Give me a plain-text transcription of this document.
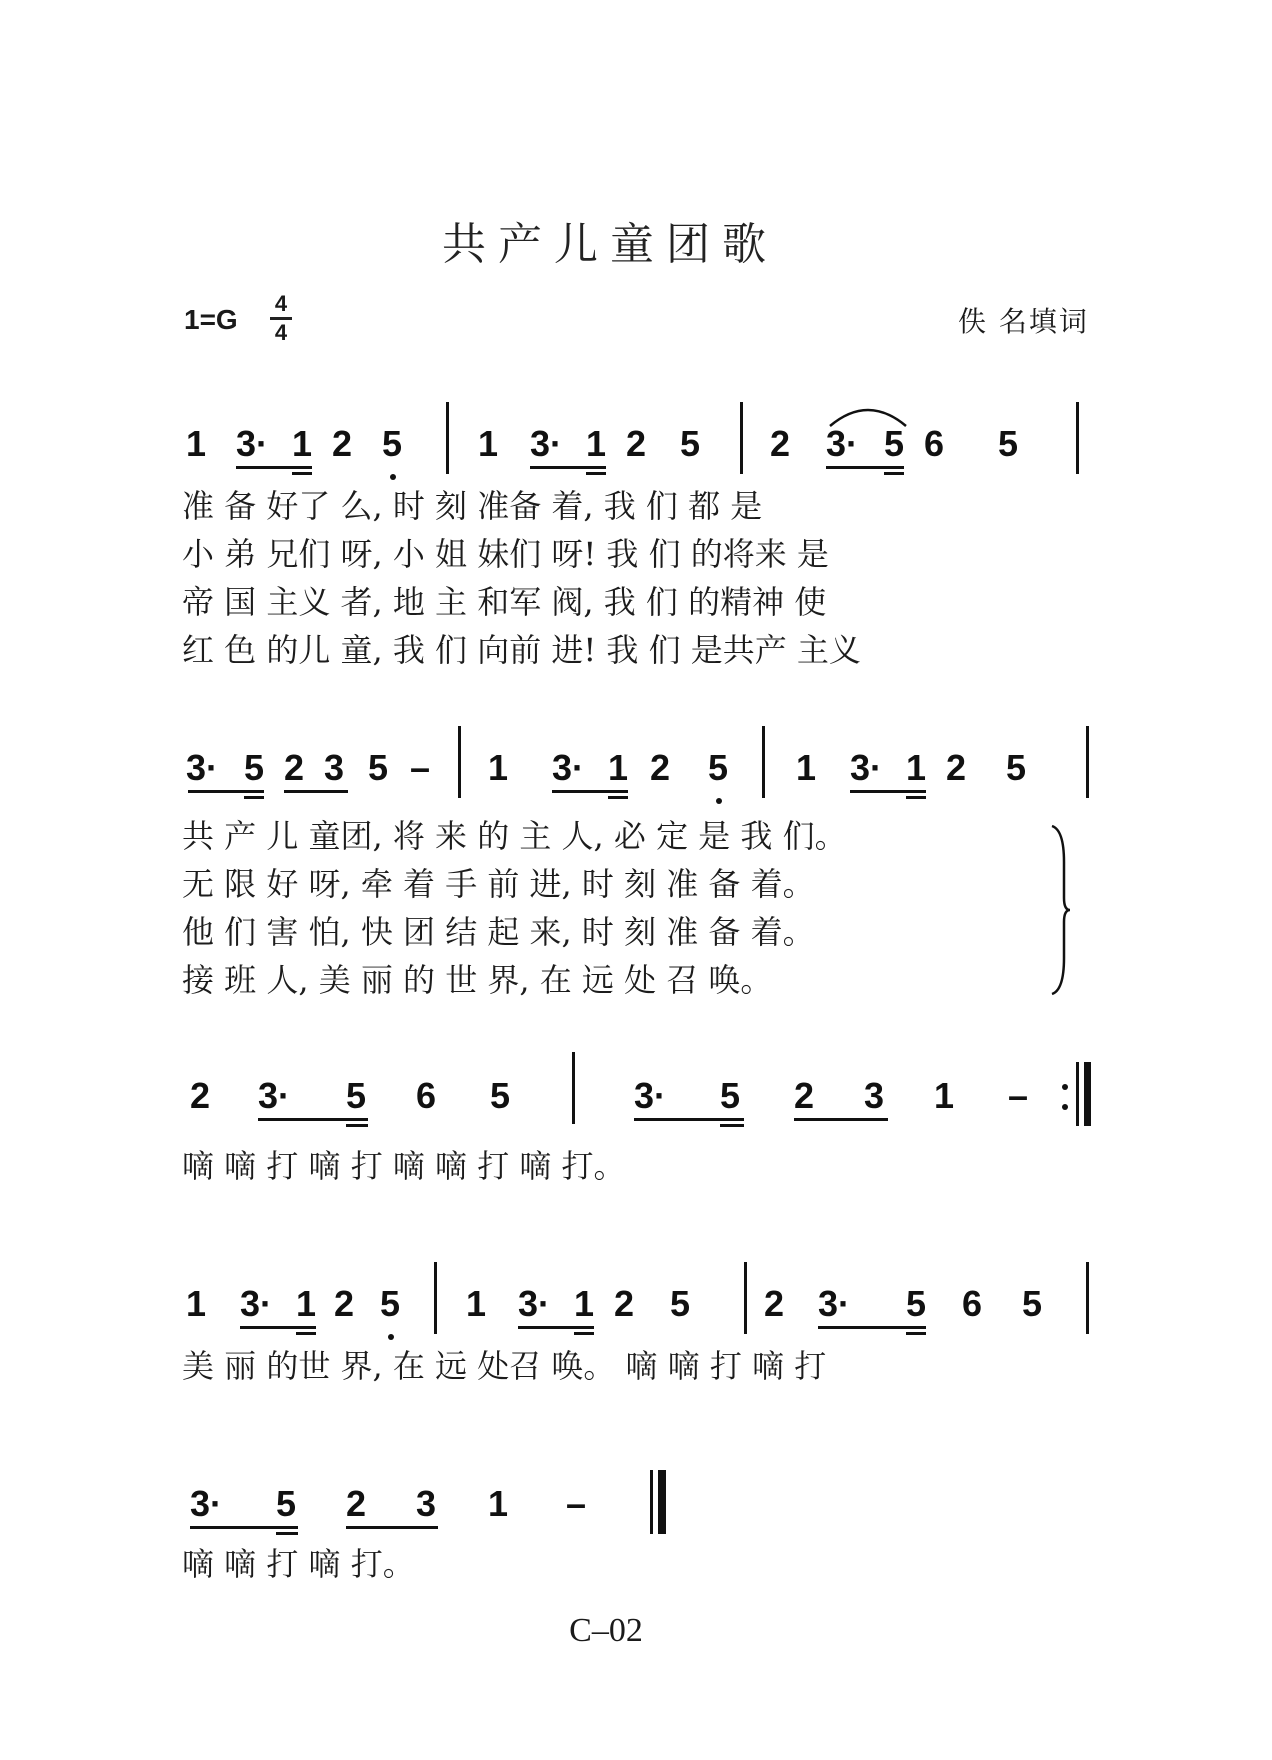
共产儿童团歌
1=G
4
4	佚 名填词
1 3· 1 2 5 1 3· 1 2 5 2 3· 5 6 5
准 备 好了 么, 时 刻 准备 着, 我 们 都 是
小 弟 兄们 呀, 小 姐 妹们 呀! 我 们 的将来 是
帝 国 主义 者, 地 主 和军 阀, 我 们 的精神 使
红 色 的儿 童, 我 们 向前 进! 我 们 是共产 主义
3· 5 2 3 5 – 1 3· 1 2 5 1 3· 1 2 5
共 产 儿 童团, 将 来 的 主 人, 必 定 是 我 们。
无 限 好 呀, 牵 着 手 前 进, 时 刻 准 备 着。
他 们 害 怕, 快 团 结 起 来, 时 刻 准 备 着。
接 班 人, 美 丽 的 世 界, 在 远 处 召 唤。
2 3· 5 6 5	3· 5 2 3 1 –
嘀 嘀 打 嘀 打 嘀 嘀 打 嘀 打。
1 3· 1 2 5 1 3· 1 2 5 2 3· 5 6 5
美 丽 的世 界, 在 远 处召 唤。 嘀 嘀 打 嘀 打
3· 5 2 3 1 –
嘀 嘀 打 嘀 打。
C–02
